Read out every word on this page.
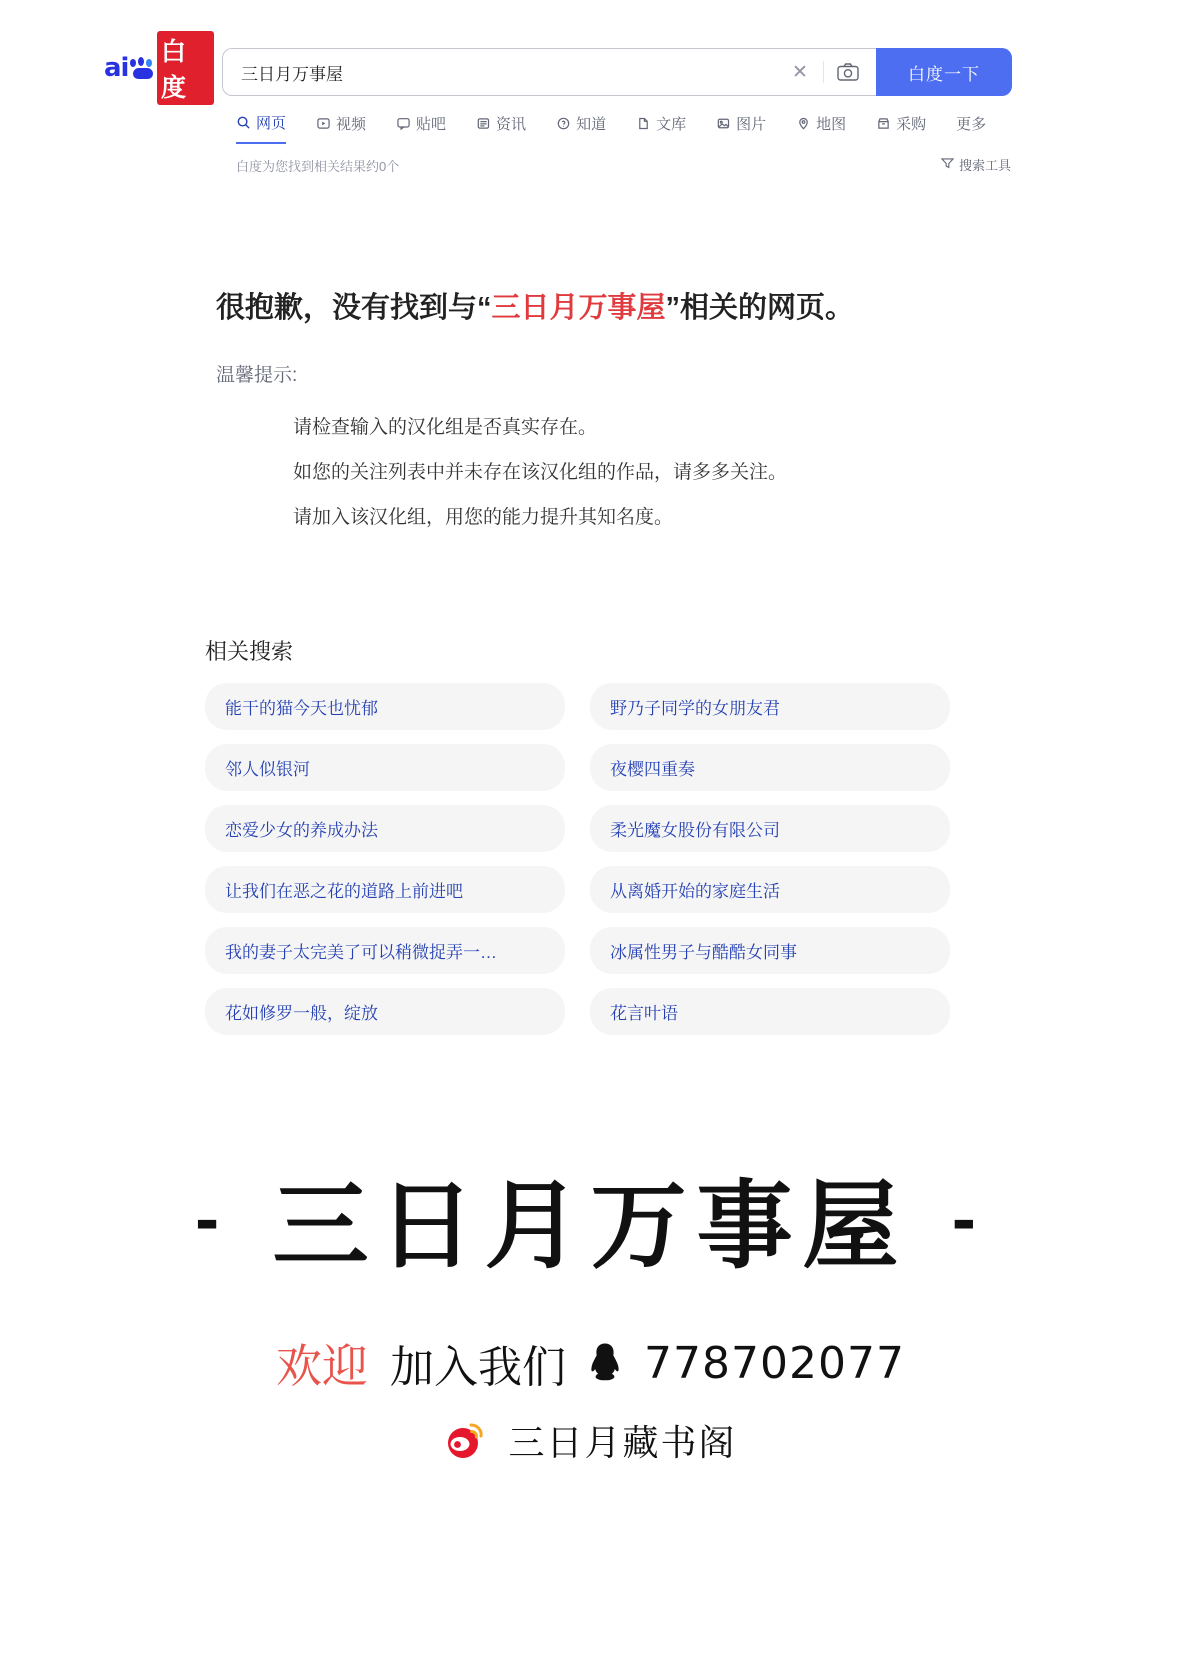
ai
白度
三日月万事屋
✕	白度一下
网页	视频	贴吧	资讯	知道	文库	图片	地图	采购 更多
白度为您找到相关结果约0个	搜索工具
很抱歉，没有找到与“三日月万事屋”相关的网页。
温馨提示:
请检查输入的汉化组是否真实存在。
如您的关注列表中并未存在该汉化组的作品，请多多关注。
请加入该汉化组，用您的能力提升其知名度。
相关搜索
能干的猫今天也忧郁	野乃子同学的女朋友君
邻人似银河	夜樱四重奏
恋爱少女的养成办法	柔光魔女股份有限公司
让我们在恶之花的道路上前进吧	从离婚开始的家庭生活
我的妻子太完美了可以稍微捉弄一…	冰属性男子与酷酷女同事
花如修罗一般，绽放	花言叶语
- 三日月万事屋 -
欢迎 加入我们 778702077
三日月藏书阁
